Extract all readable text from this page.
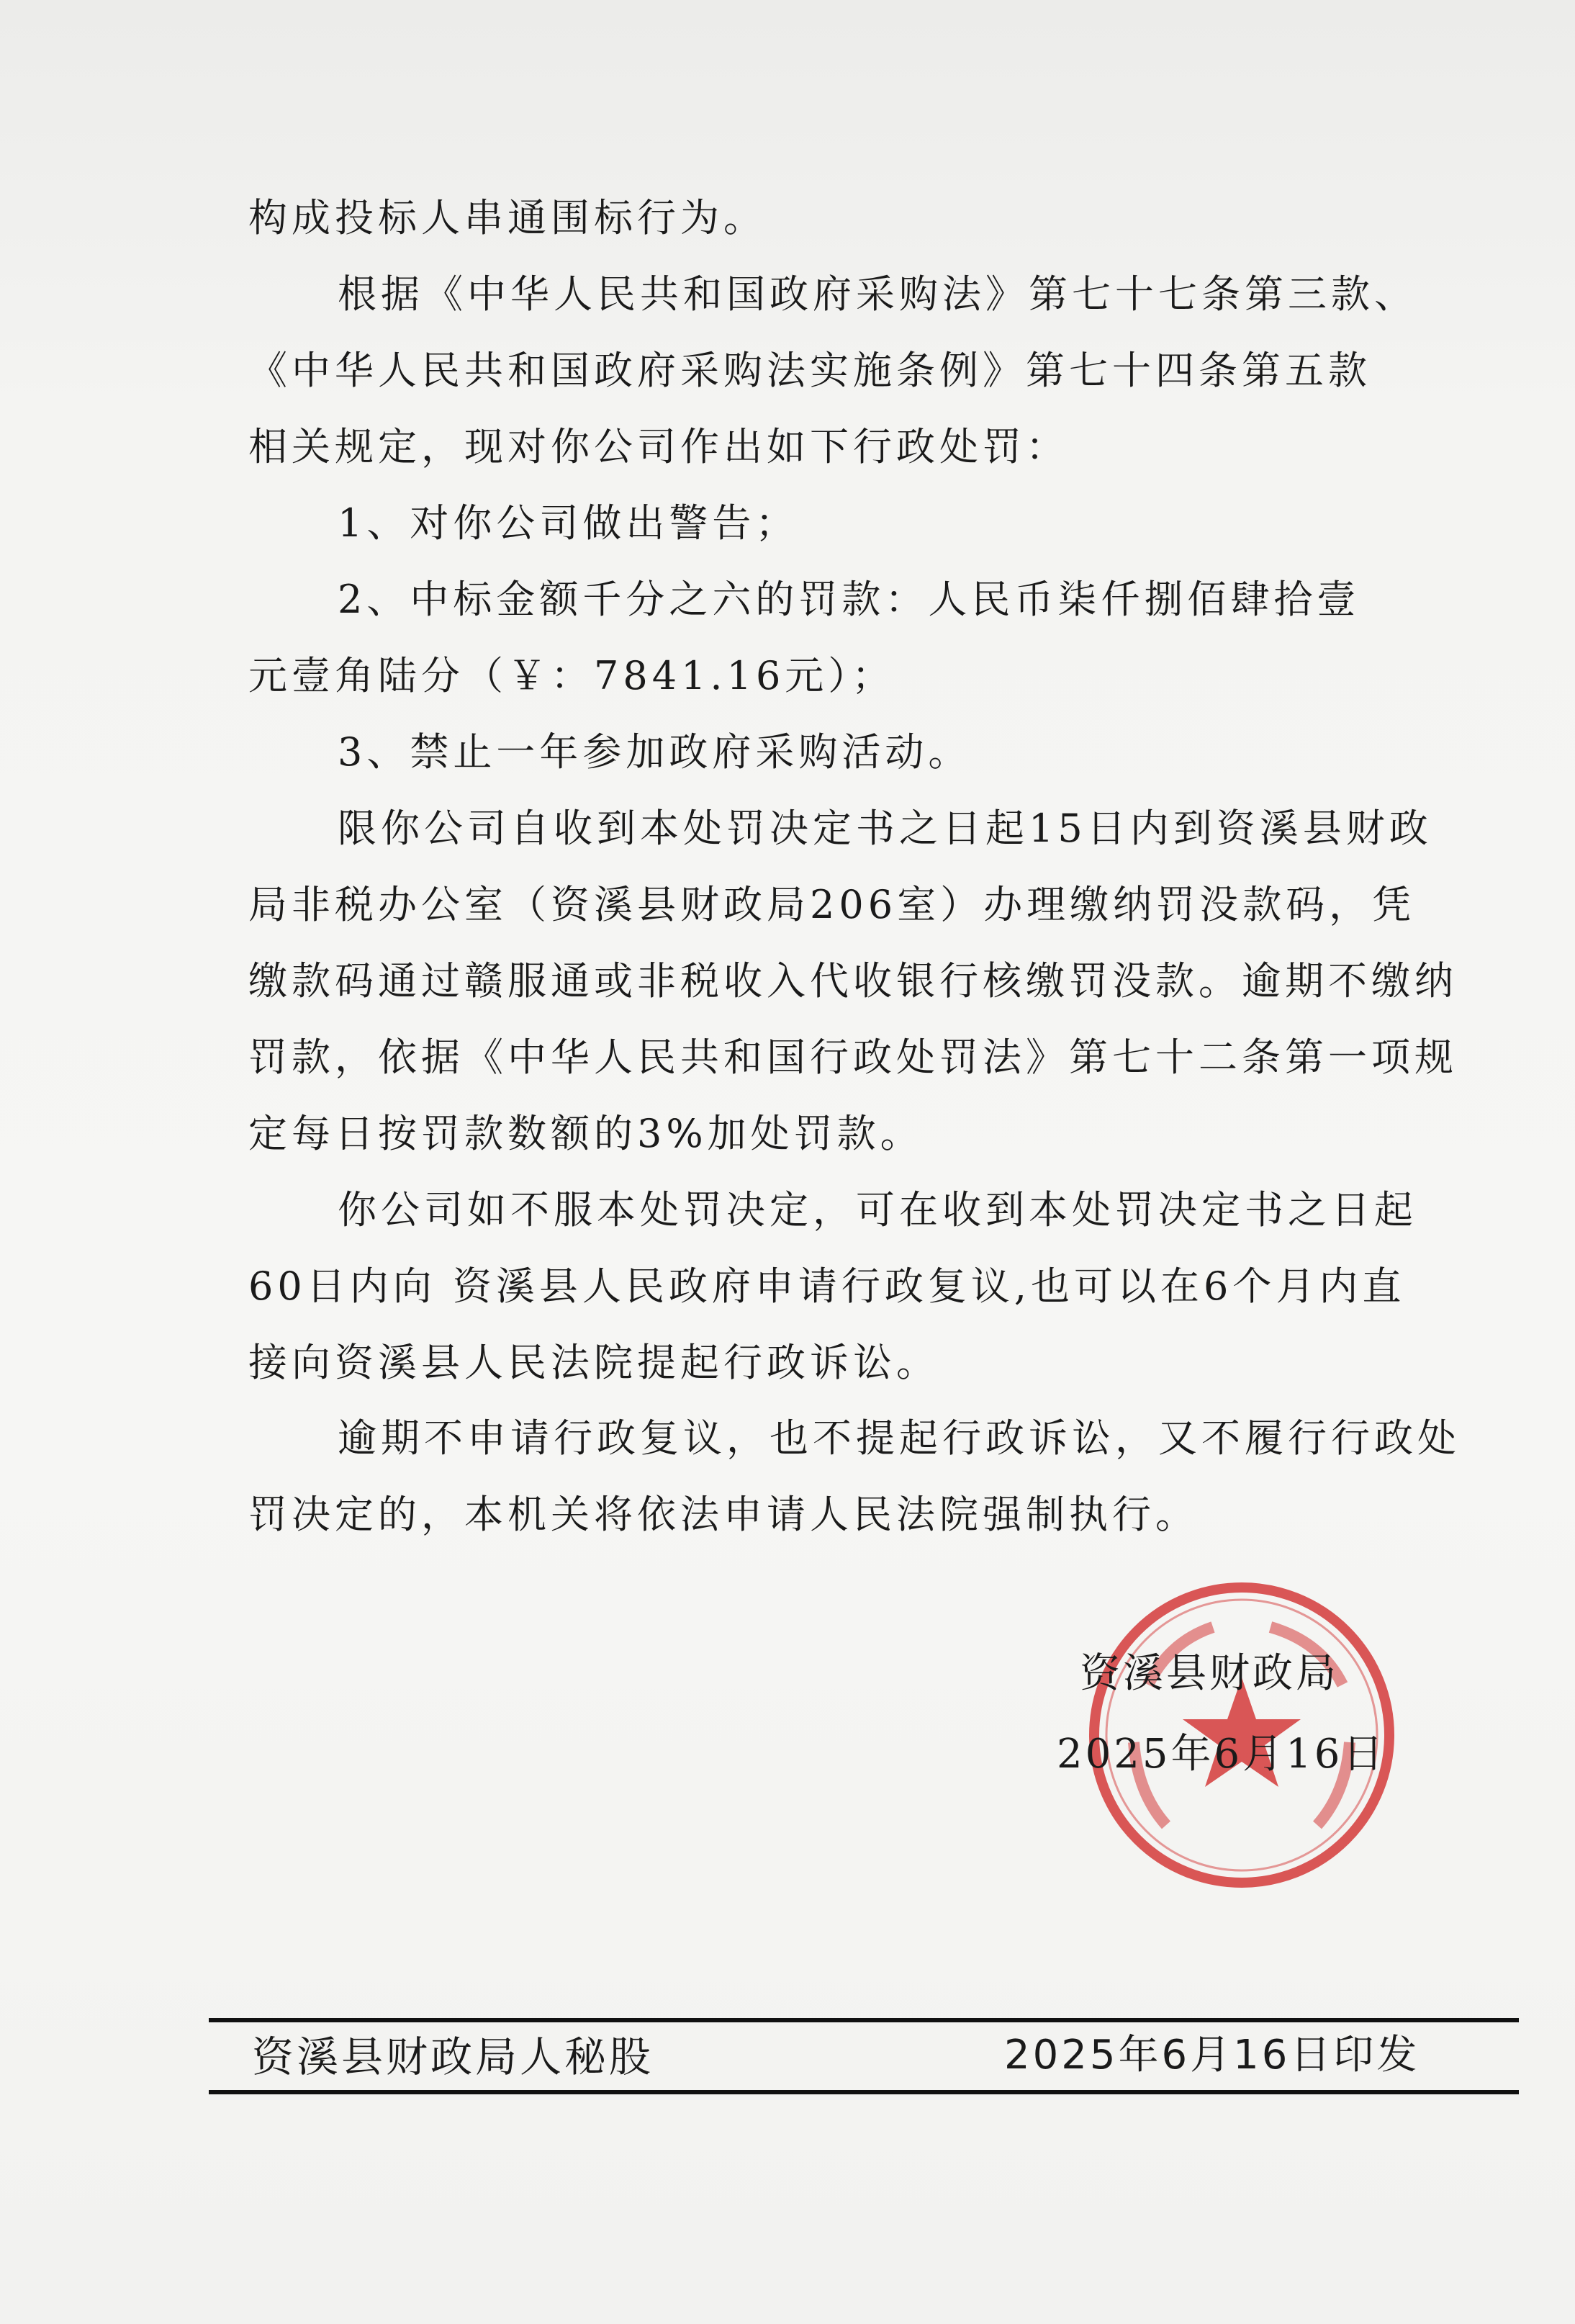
构成投标人串通围标行为。

根据《中华人民共和国政府采购法》第七十七条第三款、
《中华人民共和国政府采购法实施条例》第七十四条第五款
相关规定，现对你公司作出如下行政处罚：

1、对你公司做出警告；

2、中标金额千分之六的罚款：人民币柒仟捌佰肆拾壹
元壹角陆分（￥：7841.16元）；

3、禁止一年参加政府采购活动。

限你公司自收到本处罚决定书之日起15日内到资溪县财政
局非税办公室（资溪县财政局206室）办理缴纳罚没款码，凭
缴款码通过赣服通或非税收入代收银行核缴罚没款。逾期不缴纳
罚款，依据《中华人民共和国行政处罚法》第七十二条第一项规
定每日按罚款数额的3%加处罚款。

你公司如不服本处罚决定，可在收到本处罚决定书之日起
60日内向 资溪县人民政府申请行政复议,也可以在6个月内直
接向资溪县人民法院提起行政诉讼。

逾期不申请行政复议，也不提起行政诉讼，又不履行行政处
罚决定的，本机关将依法申请人民法院强制执行。

资溪县财政局
2025年6月16日
资溪县财政局人秘股	2025年6月16日印发
